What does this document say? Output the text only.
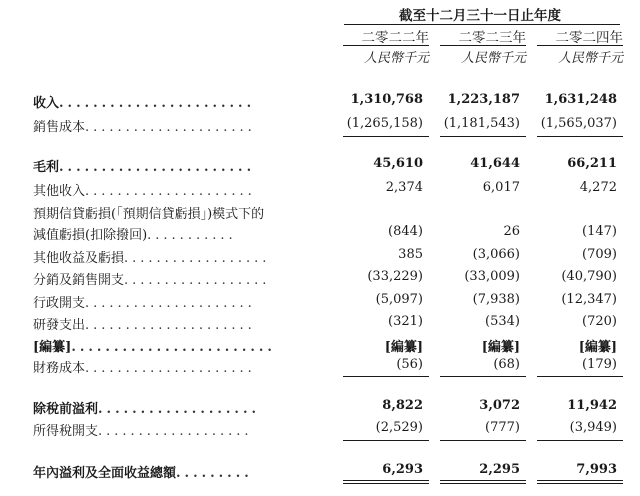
截至十二月三十一日止年度
二零二二年	二零二三年	二零二四年
人民幣千元	人民幣千元	人民幣千元
收入.......................	1,310,768	1,223,187	1,631,248
銷售成本.....................	(1,265,158)	(1,181,543)	(1,565,037)
毛利.......................	45,610	41,644	66,211
其他收入.....................	2,374	6,017	4,272
預期信貸虧損(「預期信貸虧損」)模式下的
減值虧損(扣除撥回)...........	(844)	26	(147)
其他收益及虧損..................	385	(3,066)	(709)
分銷及銷售開支..................	(33,229)	(33,009)	(40,790)
行政開支.....................	(5,097)	(7,938)	(12,347)
研發支出.....................	(321)	(534)	(720)
[編纂]........................	[編纂]	[編纂]	[編纂]
財務成本.....................	(56)	(68)	(179)
除稅前溢利...................	8,822	3,072	11,942
所得稅開支...................	(2,529)	(777)	(3,949)
年內溢利及全面收益總額.........	6,293	2,295	7,993
